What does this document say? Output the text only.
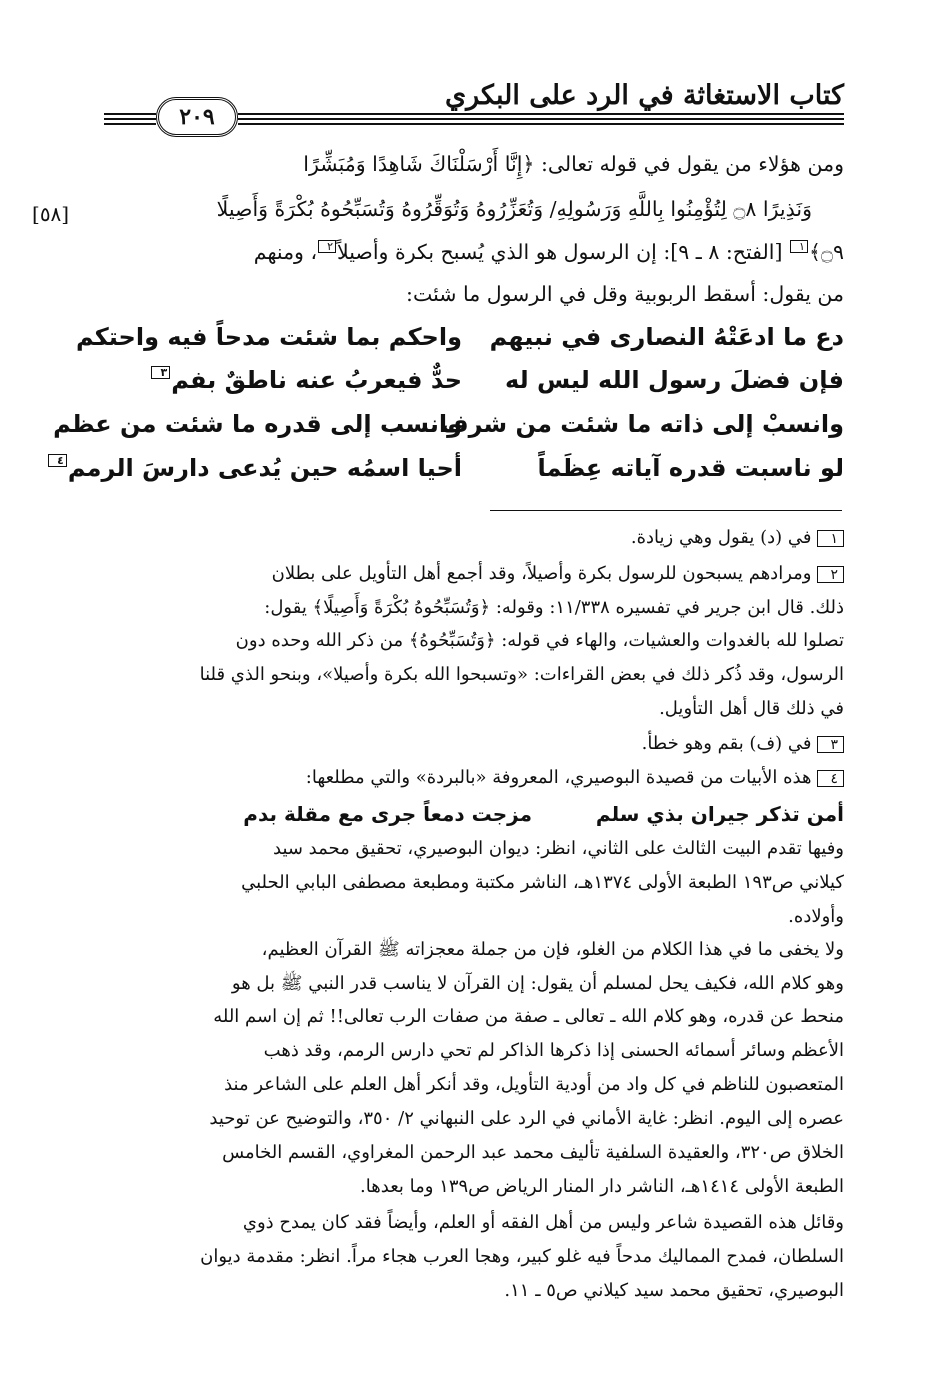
كتاب الاستغاثة في الرد على البكري
٢٠٩
[٥٨]
ومن هؤلاء من يقول في قوله تعالى: ﴿إِنَّا أَرْسَلْنَاكَ شَاهِدًا وَمُبَشِّرًا
وَنَذِيرًا ۝٨ لِتُؤْمِنُوا بِاللَّهِ وَرَسُولِهِ/ وَتُعَزِّرُوهُ وَتُوَقِّرُوهُ وَتُسَبِّحُوهُ بُكْرَةً وَأَصِيلًا
۝٩﴾١ [الفتح: ٨ ـ ٩]: إن الرسول هو الذي يُسبح بكرة وأصيلاً٢، ومنهم
من يقول: أسقط الربوبية وقل في الرسول ما شئت:
دع ما ادعَتْهُ النصارى في نبيهم
واحكم بما شئت مدحاً فيه واحتكم
فإن فضلَ رسول الله ليس له
حدٌّ فيعربُ عنه ناطقٌ بفم٣
وانسبْ إلى ذاته ما شئت من شرف
وانسب إلى قدره ما شئت من عظم
لو ناسبت قدره آياته عِظَماً
أحيا اسمُه حين يُدعى دارسَ الرمم٤
١في (د) يقول وهي زيادة.
٢ومرادهم يسبحون للرسول بكرة وأصيلاً، وقد أجمع أهل التأويل على بطلان
ذلك. قال ابن جرير في تفسيره ١١/٣٣٨: وقوله: ﴿وَتُسَبِّحُوهُ بُكْرَةً وَأَصِيلًا﴾ يقول:
تصلوا لله بالغدوات والعشيات، والهاء في قوله: ﴿وَتُسَبِّحُوهُ﴾ من ذكر الله وحده دون
الرسول، وقد ذُكر ذلك في بعض القراءات: «وتسبحوا الله بكرة وأصيلا»، وبنحو الذي قلنا
في ذلك قال أهل التأويل.
٣في (ف) بقم وهو خطأ.
٤هذه الأبيات من قصيدة البوصيري، المعروفة «بالبردة» والتي مطلعها:
أمن تذكر جيران بذي سلم
مزجت دمعاً جرى مع مقلة بدم
وفيها تقدم البيت الثالث على الثاني، انظر: ديوان البوصيري، تحقيق محمد سيد
كيلاني ص١٩٣ الطبعة الأولى ١٣٧٤هـ، الناشر مكتبة ومطبعة مصطفى البابي الحلبي
وأولاده.
ولا يخفى ما في هذا الكلام من الغلو، فإن من جملة معجزاته ﷺ القرآن العظيم،
وهو كلام الله، فكيف يحل لمسلم أن يقول: إن القرآن لا يناسب قدر النبي ﷺ بل هو
منحط عن قدره، وهو كلام الله ـ تعالى ـ صفة من صفات الرب تعالى!! ثم إن اسم الله
الأعظم وسائر أسمائه الحسنى إذا ذكرها الذاكر لم تحي دارس الرمم، وقد ذهب
المتعصبون للناظم في كل واد من أودية التأويل، وقد أنكر أهل العلم على الشاعر منذ
عصره إلى اليوم. انظر: غاية الأماني في الرد على النبهاني ٢/ ٣٥٠، والتوضيح عن توحيد
الخلاق ص٣٢٠، والعقيدة السلفية تأليف محمد عبد الرحمن المغراوي، القسم الخامس
الطبعة الأولى ١٤١٤هـ، الناشر دار المنار الرياض ص١٣٩ وما بعدها.
وقائل هذه القصيدة شاعر وليس من أهل الفقه أو العلم، وأيضاً فقد كان يمدح ذوي
السلطان، فمدح المماليك مدحاً فيه غلو كبير، وهجا العرب هجاء مراً. انظر: مقدمة ديوان
البوصيري، تحقيق محمد سيد كيلاني ص٥ ـ ١١.
